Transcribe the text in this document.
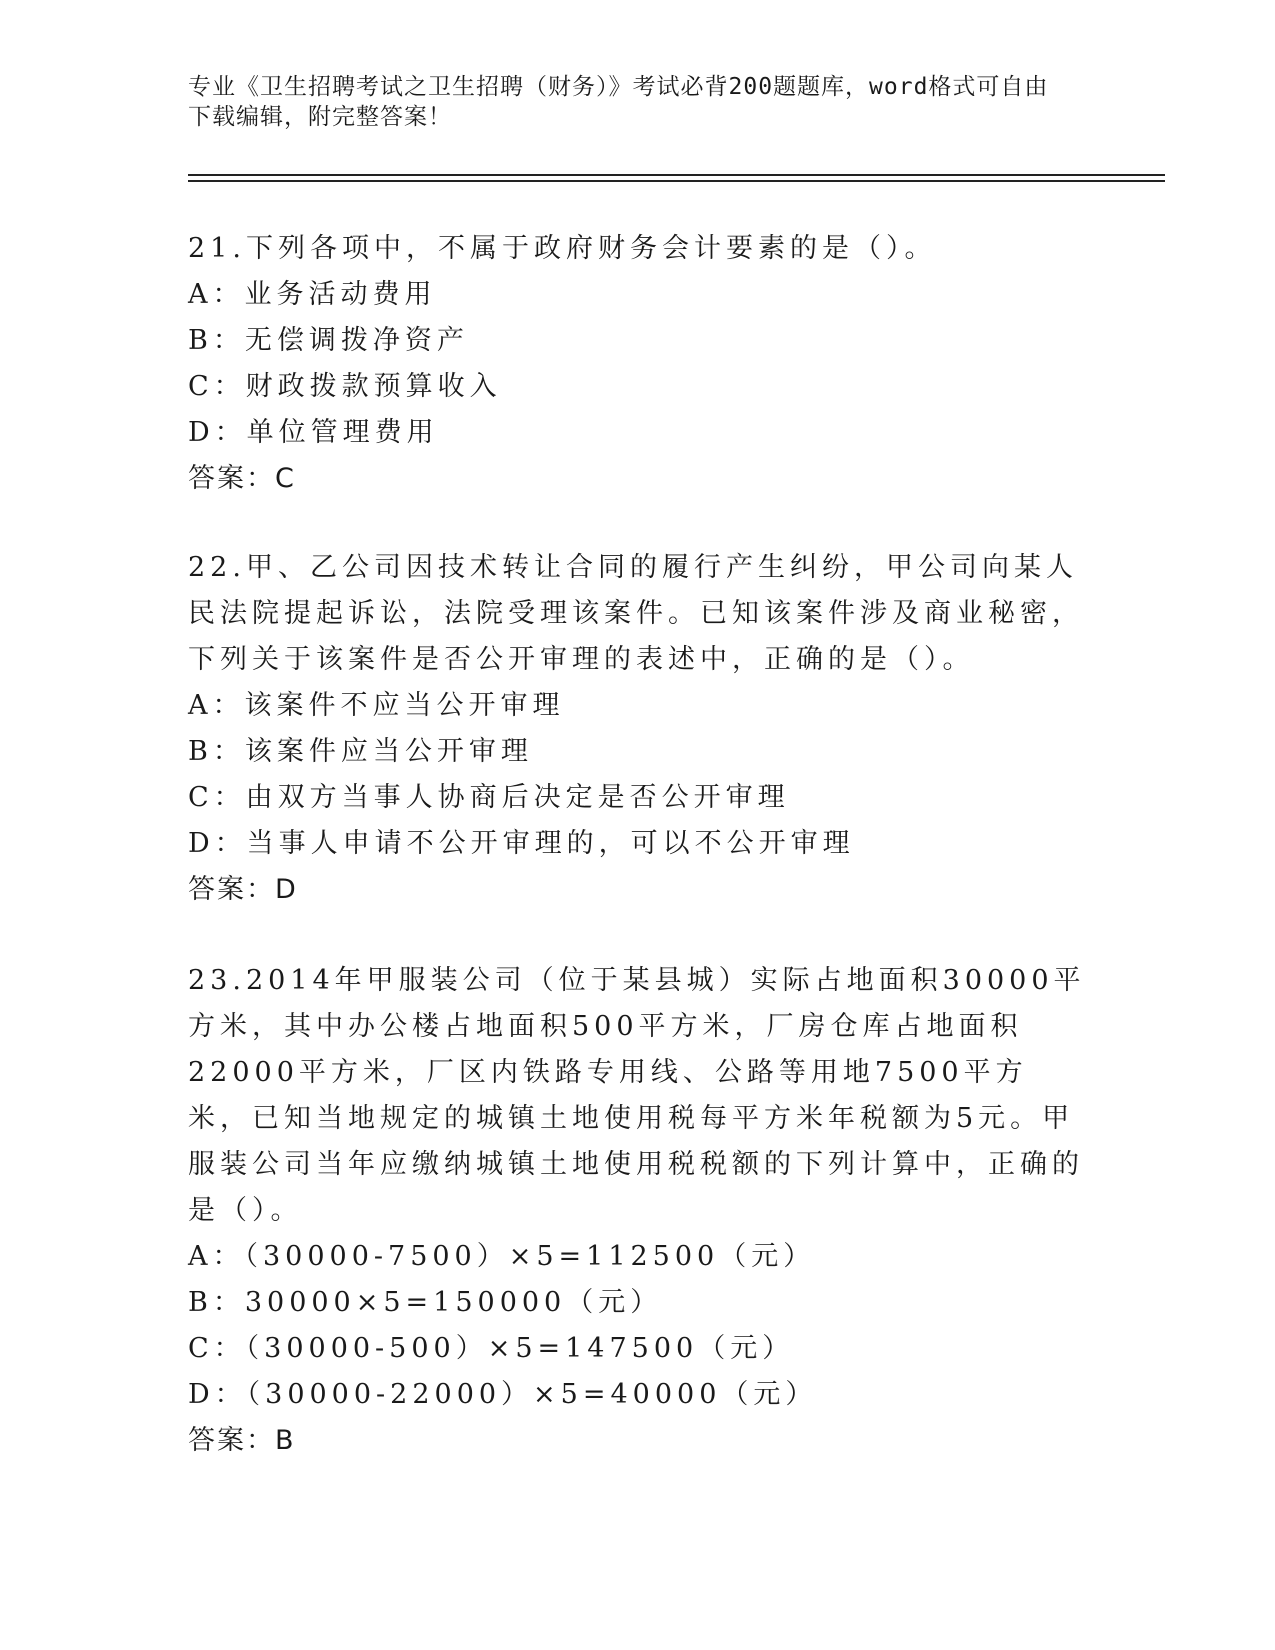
专业《卫生招聘考试之卫生招聘（财务）》考试必背200题题库，word格式可自由下载编辑，附完整答案！
21.下列各项中，不属于政府财务会计要素的是（）。
A：业务活动费用
B：无偿调拨净资产
C：财政拨款预算收入
D：单位管理费用
答案：C
22.甲、乙公司因技术转让合同的履行产生纠纷，甲公司向某人民法院提起诉讼，法院受理该案件。已知该案件涉及商业秘密，下列关于该案件是否公开审理的表述中，正确的是（）。
A：该案件不应当公开审理
B：该案件应当公开审理
C：由双方当事人协商后决定是否公开审理
D：当事人申请不公开审理的，可以不公开审理
答案：D
23.2014年甲服装公司（位于某县城）实际占地面积30000平方米，其中办公楼占地面积500平方米，厂房仓库占地面积22000平方米，厂区内铁路专用线、公路等用地7500平方米，已知当地规定的城镇土地使用税每平方米年税额为5元。甲服装公司当年应缴纳城镇土地使用税税额的下列计算中，正确的是（）。
A：（30000-7500）×5=112500（元）
B：30000×5=150000（元）
C：（30000-500）×5=147500（元）
D：（30000-22000）×5=40000（元）
答案：B
